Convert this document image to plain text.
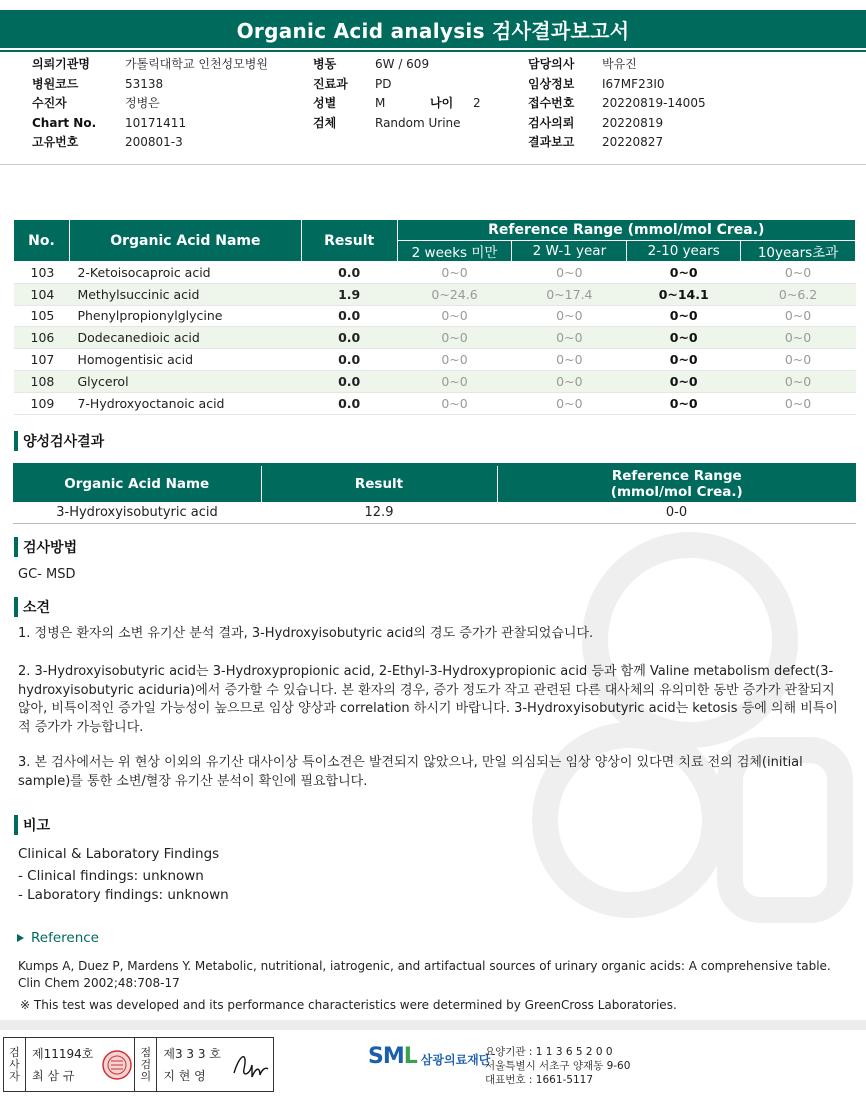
Organic Acid analysis 검사결과보고서
의뢰기관명	가톨릭대학교 인천성모병원
병원코드	53138
수진자	정병은
Chart No.	10171411
고유번호	200801-3
병동	6W / 609
진료과	PD
성별	M	나이	2
검체	Random Urine
담당의사	박유진
임상정보	I67MF23I0
접수번호	20220819-14005
검사의뢰	20220819
결과보고	20220827
No.	Organic Acid Name	Result	Reference Range (mmol/mol Crea.)			
			2 weeks 미만	2 W-1 year	2-10 years	10years초과
103	2-Ketoisocaproic acid	0.0	0~0	0~0	0~0	0~0
104	Methylsuccinic acid	1.9	0~24.6	0~17.4	0~14.1	0~6.2
105	Phenylpropionylglycine	0.0	0~0	0~0	0~0	0~0
106	Dodecanedioic acid	0.0	0~0	0~0	0~0	0~0
107	Homogentisic acid	0.0	0~0	0~0	0~0	0~0
108	Glycerol	0.0	0~0	0~0	0~0	0~0
109	7-Hydroxyoctanoic acid	0.0	0~0	0~0	0~0	0~0
양성검사결과
Organic Acid Name	Result	Reference Range
(mmol/mol Crea.)
3-Hydroxyisobutyric acid	12.9	0-0
검사방법
GC- MSD
소견
1. 정병은 환자의 소변 유기산 분석 결과, 3-Hydroxyisobutyric acid의 경도 증가가 관찰되었습니다.
2. 3-Hydroxyisobutyric acid는 3-Hydroxypropionic acid, 2-Ethyl-3-Hydroxypropionic acid 등과 함께 Valine metabolism defect(3-hydroxyisobutyric aciduria)에서 증가할 수 있습니다. 본 환자의 경우, 증가 정도가 작고 관련된 다른 대사체의 유의미한 동반 증가가 관찰되지 않아, 비특이적인 증가일 가능성이 높으므로 임상 양상과 correlation 하시기 바랍니다. 3-Hydroxyisobutyric acid는 ketosis 등에 의해 비특이적 증가가 가능합니다.
3. 본 검사에서는 위 현상 이외의 유기산 대사이상 특이소견은 발견되지 않았으나, 만일 의심되는 임상 양상이 있다면 치료 전의 검체(initial sample)를 통한 소변/혈장 유기산 분석이 확인에 필요합니다.
비고
Clinical & Laboratory Findings
- Clinical findings: unknown
- Laboratory findings: unknown
Reference
Kumps A, Duez P, Mardens Y. Metabolic, nutritional, iatrogenic, and artifactual sources of urinary organic acids: A comprehensive table. Clin Chem 2002;48:708-17
※ This test was developed and its performance characteristics were determined by GreenCross Laboratories.
검
사
자
제11194호
최 삼 규
점
검
의
제3 3 3 호
지 현 영
SML 삼광의료재단
요양기관 : 1 1 3 6 5 2 0 0
서울특별시 서초구 양재동 9-60
대표번호 : 1661-5117
